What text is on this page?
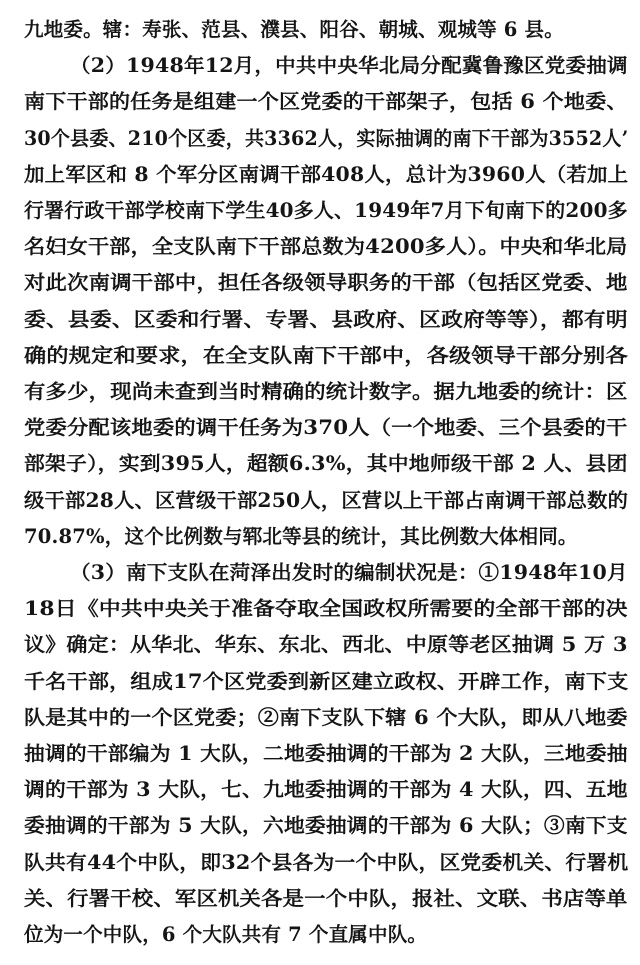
九地委。辖：寿张、范县、濮县、阳谷、朝城、观城等 6 县。
（2）1948年12月，中共中央华北局分配冀鲁豫区党委抽调
南下干部的任务是组建一个区党委的干部架子，包括 6 个地委、
30个县委、210个区委，共3362人，实际抽调的南下干部为3552人’
加上军区和 8 个军分区南调干部408人，总计为3960人（若加上
行署行政干部学校南下学生40多人、1949年7月下旬南下的200多
名妇女干部，全支队南下干部总数为4200多人）。中央和华北局
对此次南调干部中，担任各级领导职务的干部（包括区党委、地
委、县委、区委和行署、专署、县政府、区政府等等），都有明
确的规定和要求，在全支队南下干部中，各级领导干部分别各
有多少，现尚未查到当时精确的统计数字。据九地委的统计：区
党委分配该地委的调干任务为370人（一个地委、三个县委的干
部架子），实到395人，超额6.3%，其中地师级干部 2 人、县团
级干部28人、区营级干部250人，区营以上干部占南调干部总数的
70.87%，这个比例数与郓北等县的统计，其比例数大体相同。
（3）南下支队在菏泽出发时的编制状况是：①1948年10月
18日《中共中央关于准备夺取全国政权所需要的全部干部的决
议》确定：从华北、华东、东北、西北、中原等老区抽调 5 万 3
千名干部，组成17个区党委到新区建立政权、开辟工作，南下支
队是其中的一个区党委；②南下支队下辖 6 个大队，即从八地委
抽调的干部编为 1 大队，二地委抽调的干部为 2 大队，三地委抽
调的干部为 3 大队，七、九地委抽调的干部为 4 大队，四、五地
委抽调的干部为 5 大队，六地委抽调的干部为 6 大队；③南下支
队共有44个中队，即32个县各为一个中队，区党委机关、行署机
关、行署干校、军区机关各是一个中队，报社、文联、书店等单
位为一个中队，6 个大队共有 7 个直属中队。
